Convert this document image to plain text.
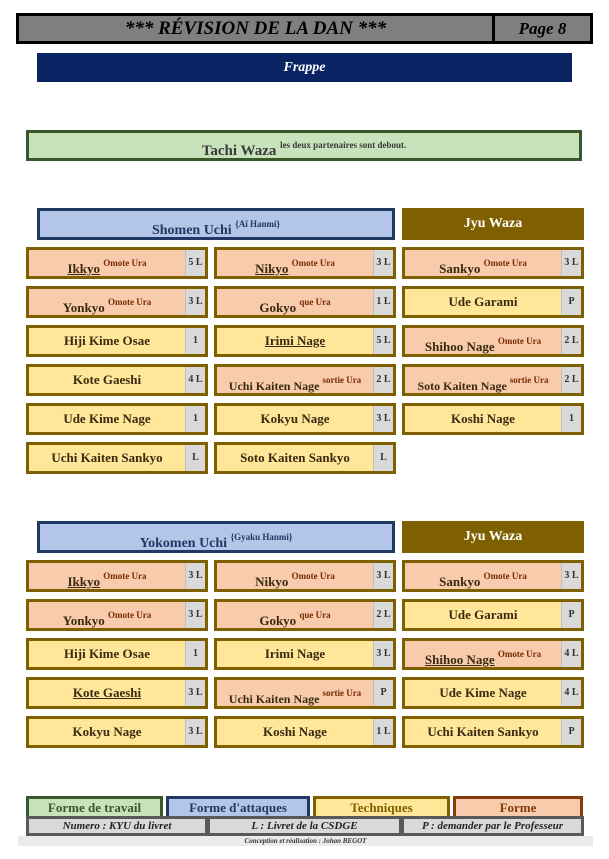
*** RÉVISION DE LA DAN ***	Page 8
Frappe
Tachi Waza $^{les deux partenaires sont debout.}$
Shomen Uchi $^{\{Aï Hanmi\}}$	Jyu Waza
Ikkyo $^{Omote Ura}$	5 L	Nikyo $^{Omote Ura}$	3 L	Sankyo $^{Omote Ura}$	3 L
Yonkyo $^{Omote Ura}$	3 L	Gokyo $^{que Ura}$	1 L	Ude Garami	P
Hiji Kime Osae	1	Irimi Nage	5 L	Shihoo Nage $^{Omote Ura}$	2 L
Kote Gaeshi	4 L	Uchi Kaiten Nage $^{sortie Ura}$	2 L	Soto Kaiten Nage $^{sortie Ura}$	2 L
Ude Kime Nage	1	Kokyu Nage	3 L	Koshi Nage	1
Uchi Kaiten Sankyo	L	Soto Kaiten Sankyo	L
Yokomen Uchi $^{\{Gyaku Hanmi\}}$	Jyu Waza
Ikkyo $^{Omote Ura}$	3 L	Nikyo $^{Omote Ura}$	3 L	Sankyo $^{Omote Ura}$	3 L
Yonkyo $^{Omote Ura}$	3 L	Gokyo $^{que Ura}$	2 L	Ude Garami	P
Hiji Kime Osae	1	Irimi Nage	3 L	Shihoo Nage $^{Omote Ura}$	4 L
Kote Gaeshi	3 L	Uchi Kaiten Nage $^{sortie Ura}$	P	Ude Kime Nage	4 L
Kokyu Nage	3 L	Koshi Nage	1 L	Uchi Kaiten Sankyo	P
Forme de travail	Forme d'attaques	Techniques	Forme
Numero : KYU du livret	L : Livret de la CSDGE	P : demander par le Professeur
Conception et réalisation : Johan BEGOT
